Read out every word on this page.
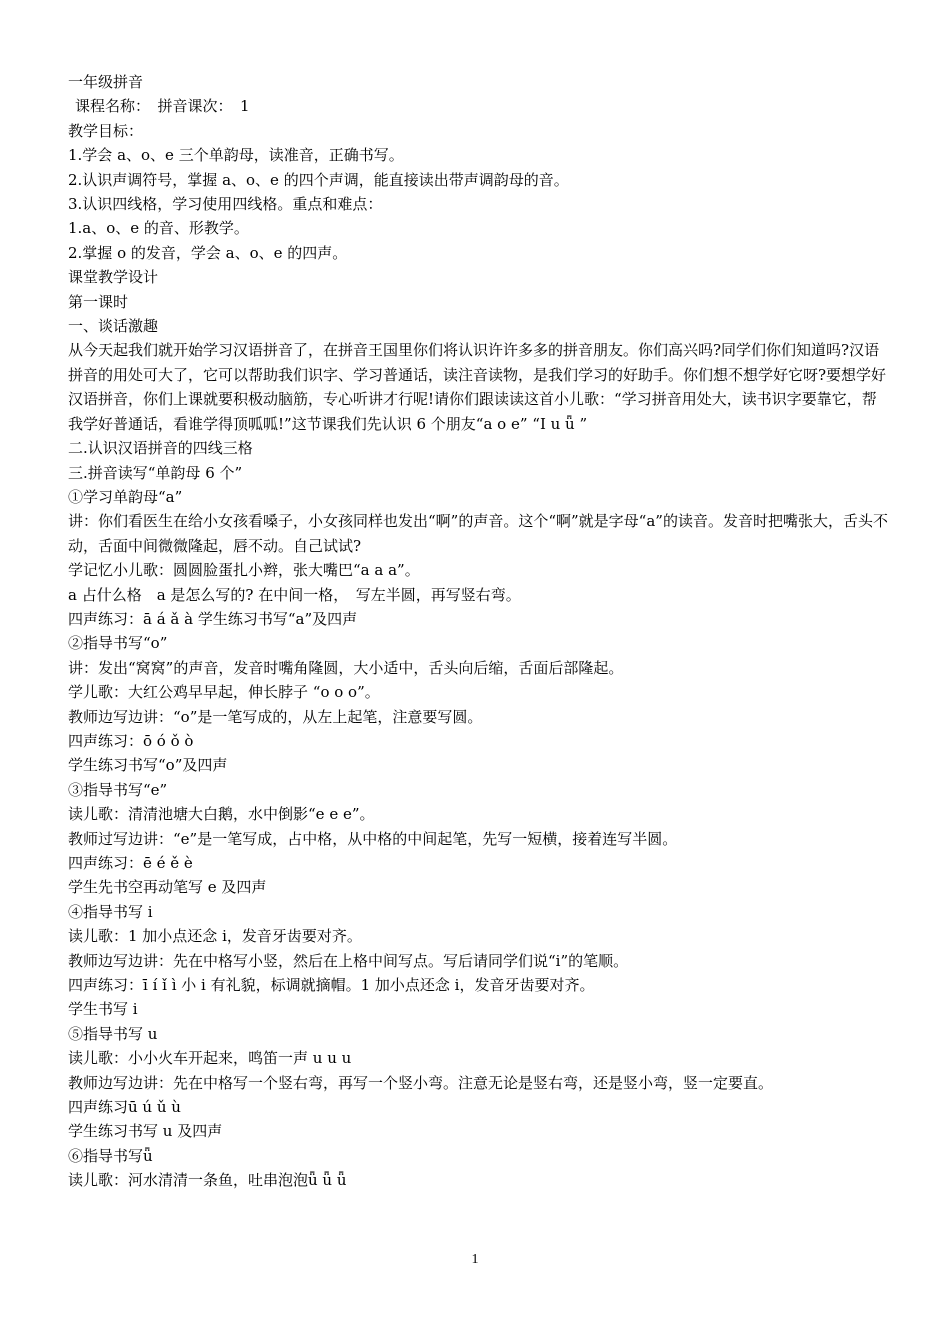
一年级拼音

课程名称：　拼音课次：　1

教学目标：

1.学会 a、o、e 三个单韵母，读准音，正确书写。

2.认识声调符号，掌握 a、o、e 的四个声调，能直接读出带声调韵母的音。

3.认识四线格，学习使用四线格。重点和难点：

1.a、o、e 的音、形教学。

2.掌握 o 的发音，学会 a、o、e 的四声。

课堂教学设计

第一课时

一、谈话激趣

从今天起我们就开始学习汉语拼音了，在拼音王国里你们将认识许许多多的拼音朋友。你们高兴吗?同学们你们知道吗?汉语拼音的用处可大了，它可以帮助我们识字、学习普通话，读注音读物，是我们学习的好助手。你们想不想学好它呀?要想学好汉语拼音，你们上课就要积极动脑筋，专心听讲才行呢!请你们跟读读这首小儿歌：“学习拼音用处大，读书识字要靠它，帮我学好普通话，看谁学得顶呱呱!”这节课我们先认识 6 个朋友“a o e” “I u ǖ ”

二.认识汉语拼音的四线三格

三.拼音读写“单韵母 6 个”

①学习单韵母“a”

讲：你们看医生在给小女孩看嗓子，小女孩同样也发出“啊”的声音。这个“啊”就是字母“a”的读音。发音时把嘴张大，舌头不动，舌面中间微微隆起，唇不动。自己试试?

学记忆小儿歌：圆圆脸蛋扎小辫，张大嘴巴“a a a”。

a 占什么格　a 是怎么写的? 在中间一格，　写左半圆，再写竖右弯。

四声练习：ā á ǎ à 学生练习书写“a”及四声

②指导书写“o”

讲：发出“窝窝”的声音，发音时嘴角隆圆，大小适中，舌头向后缩，舌面后部隆起。

学儿歌：大红公鸡早早起，伸长脖子 “o o o”。

教师边写边讲：“o”是一笔写成的，从左上起笔，注意要写圆。

四声练习：ō ó ǒ ò

学生练习书写“o”及四声

③指导书写“e”

读儿歌：清清池塘大白鹅，水中倒影“e e e”。

教师过写边讲：“e”是一笔写成，占中格，从中格的中间起笔，先写一短横，接着连写半圆。

四声练习：ē é ě è

学生先书空再动笔写 e 及四声

④指导书写 i

读儿歌：1 加小点还念 i，发音牙齿要对齐。

教师边写边讲：先在中格写小竖，然后在上格中间写点。写后请同学们说“i”的笔顺。

四声练习：ī í ǐ ì 小 i 有礼貌，标调就摘帽。1 加小点还念 i，发音牙齿要对齐。

学生书写 i

⑤指导书写 u

读儿歌：小小火车开起来，鸣笛一声 u u u

教师边写边讲：先在中格写一个竖右弯，再写一个竖小弯。注意无论是竖右弯，还是竖小弯，竖一定要直。

四声练习ū ú ǔ ù

学生练习书写 u 及四声

⑥指导书写ǖ

读儿歌：河水清清一条鱼，吐串泡泡ǖ ǖ ǖ

1
